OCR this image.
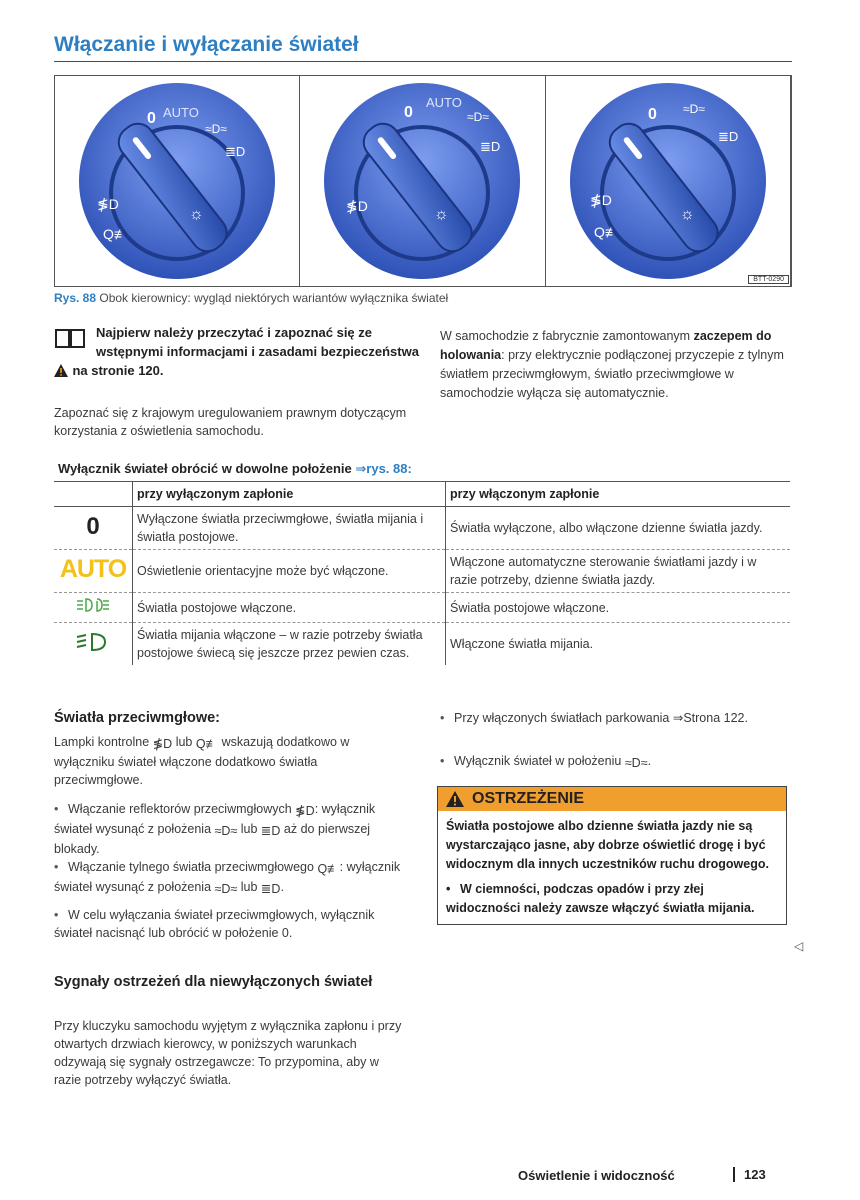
Włączanie i wyłączanie świateł
0 AUTO
≈D≈
≣D
≸D
Q≢
☼
0
AUTO
≈D≈
≣D
≸D	☼
0 ≈D≈
≣D
≸D
Q≢
☼
BTT-0290
Rys. 88 Obok kierownicy: wygląd niektórych wariantów wyłącznika świateł
Najpierw należy przeczytać i zapoznać się ze wstępnymi informacjami i zasadami bezpieczeństwa  na stronie 120.
Zapoznać się z krajowym uregulowaniem prawnym dotyczącym korzystania z oświetlenia samochodu.
W samochodzie z fabrycznie zamontowanym zaczepem do holowania: przy elektrycznie podłączonej przyczepie z tylnym światłem przeciwmgłowym, światło przeciwmgłowe w samochodzie wyłącza się automatycznie.
Wyłącznik świateł obrócić w dowolne położenie ⇒rys. 88:
	przy wyłączonym zapłonie	przy włączonym zapłonie
0	Wyłączone światła przeciwmgłowe, światła mijania i światła postojowe.	Światła wyłączone, albo włączone dzienne światła jazdy.
AUTO	Oświetlenie orientacyjne może być włączone.	Włączone automatyczne sterowanie światłami jazdy i w razie potrzeby, dzienne światła jazdy.
	Światła postojowe włączone.	Światła postojowe włączone.
	Światła mijania włączone – w razie potrzeby światła postojowe świecą się jeszcze przez pewien czas.	Włączone światła mijania.
Światła przeciwmgłowe:
Lampki kontrolne ≸D lub Q≢ wskazują dodatkowo w wyłączniku świateł włączone dodatkowo światła przeciwmgłowe.
• Włączanie reflektorów przeciwmgłowych ≸D: wyłącznik świateł wysunąć z położenia ≈D≈ lub ≣D aż do pierwszej blokady.
• Włączanie tylnego światła przeciwmgłowego Q≢: wyłącznik świateł wysunąć z położenia ≈D≈ lub ≣D.
• W celu wyłączania świateł przeciwmgłowych, wyłącznik świateł nacisnąć lub obrócić w położenie 0.
Sygnały ostrzeżeń dla niewyłączonych świateł
Przy kluczyku samochodu wyjętym z wyłącznika zapłonu i przy otwartych drzwiach kierowcy, w poniższych warunkach odzywają się sygnały ostrzegawcze: To przypomina, aby w razie potrzeby wyłączyć światła.
• Przy włączonych światłach parkowania ⇒Strona 122.
• Wyłącznik świateł w położeniu ≈D≈.
OSTRZEŻENIE
Światła postojowe albo dzienne światła jazdy nie są wystarczająco jasne, aby dobrze oświetlić drogę i być widocznym dla innych uczestników ruchu drogowego.
• W ciemności, podczas opadów i przy złej widoczności należy zawsze włączyć światła mijania.
◁
Oświetlenie i widoczność	123
